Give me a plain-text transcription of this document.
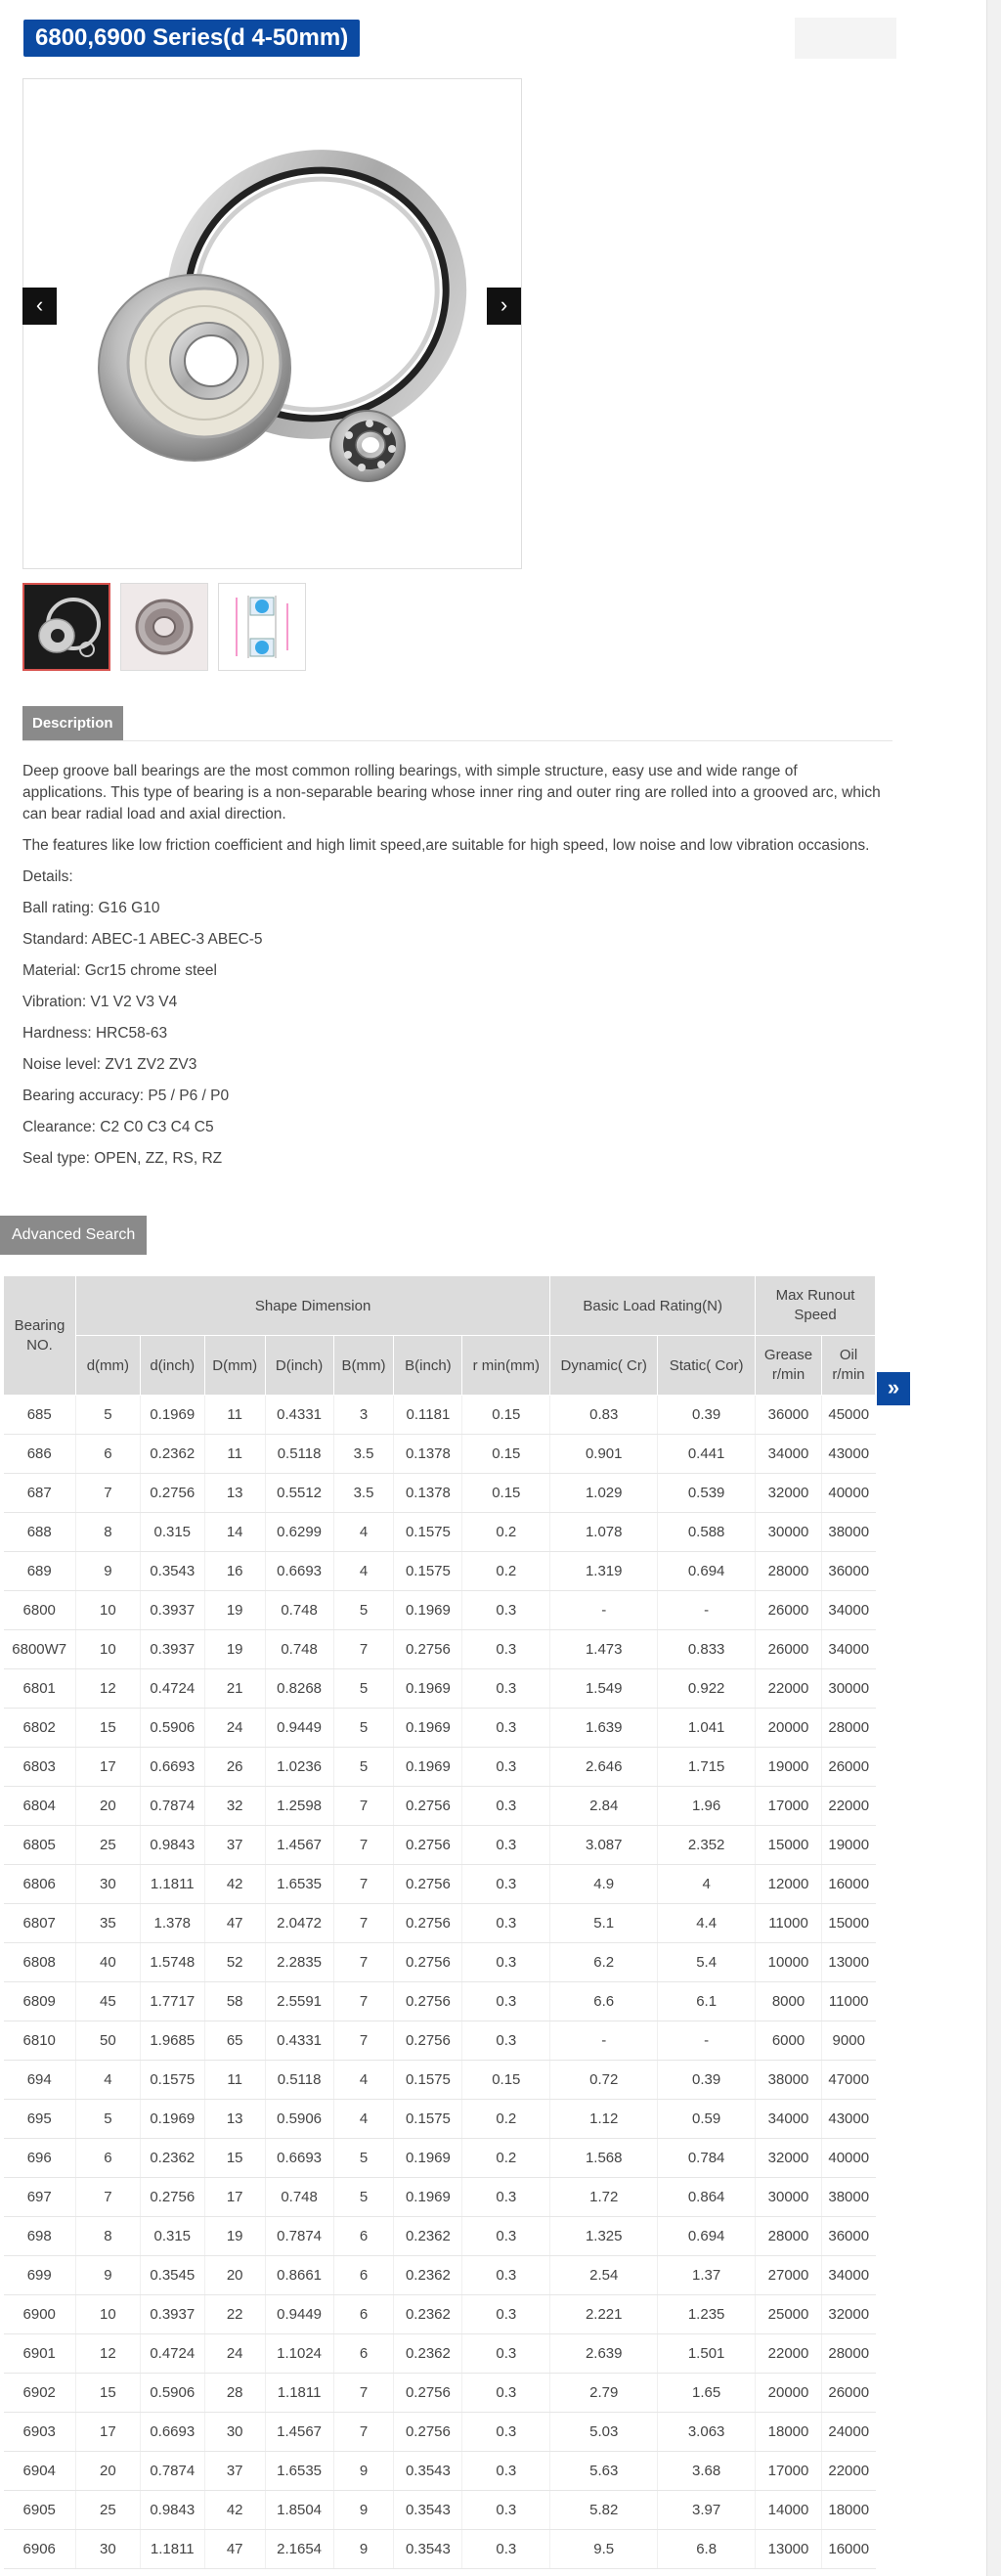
6800,6900 Series(d 4-50mm)
‹	›
Description

Deep groove ball bearings are the most common rolling bearings, with simple structure, easy use and wide range of applications. This type of bearing is a non-separable bearing whose inner ring and outer ring are rolled into a grooved arc, which can bear radial load and axial direction.

The features like low friction coefficient and high limit speed,are suitable for high speed, low noise and low vibration occasions.

Details:

Ball rating: G16 G10

Standard: ABEC-1 ABEC-3 ABEC-5

Material: Gcr15 chrome steel

Vibration: V1 V2 V3 V4

Hardness: HRC58-63

Noise level: ZV1 ZV2 ZV3

Bearing accuracy: P5 / P6 / P0

Clearance: C2 C0 C3 C4 C5

Seal type: OPEN, ZZ, RS, RZ

Advanced Search
Bearing NO.	Shape Dimension							Basic Load Rating(N)		Max Runout Speed	
	d(mm)	d(inch)	D(mm)	D(inch)	B(mm)	B(inch)	r min(mm)	Dynamic( Cr)	Static( Cor)	Grease r/min	Oil r/min
685	5	0.1969	11	0.4331	3	0.1181	0.15	0.83	0.39	36000	45000
686	6	0.2362	11	0.5118	3.5	0.1378	0.15	0.901	0.441	34000	43000
687	7	0.2756	13	0.5512	3.5	0.1378	0.15	1.029	0.539	32000	40000
688	8	0.315	14	0.6299	4	0.1575	0.2	1.078	0.588	30000	38000
689	9	0.3543	16	0.6693	4	0.1575	0.2	1.319	0.694	28000	36000
6800	10	0.3937	19	0.748	5	0.1969	0.3	-	-	26000	34000
6800W7	10	0.3937	19	0.748	7	0.2756	0.3	1.473	0.833	26000	34000
6801	12	0.4724	21	0.8268	5	0.1969	0.3	1.549	0.922	22000	30000
6802	15	0.5906	24	0.9449	5	0.1969	0.3	1.639	1.041	20000	28000
6803	17	0.6693	26	1.0236	5	0.1969	0.3	2.646	1.715	19000	26000
6804	20	0.7874	32	1.2598	7	0.2756	0.3	2.84	1.96	17000	22000
6805	25	0.9843	37	1.4567	7	0.2756	0.3	3.087	2.352	15000	19000
6806	30	1.1811	42	1.6535	7	0.2756	0.3	4.9	4	12000	16000
6807	35	1.378	47	2.0472	7	0.2756	0.3	5.1	4.4	11000	15000
6808	40	1.5748	52	2.2835	7	0.2756	0.3	6.2	5.4	10000	13000
6809	45	1.7717	58	2.5591	7	0.2756	0.3	6.6	6.1	8000	11000
6810	50	1.9685	65	0.4331	7	0.2756	0.3	-	-	6000	9000
694	4	0.1575	11	0.5118	4	0.1575	0.15	0.72	0.39	38000	47000
695	5	0.1969	13	0.5906	4	0.1575	0.2	1.12	0.59	34000	43000
696	6	0.2362	15	0.6693	5	0.1969	0.2	1.568	0.784	32000	40000
697	7	0.2756	17	0.748	5	0.1969	0.3	1.72	0.864	30000	38000
698	8	0.315	19	0.7874	6	0.2362	0.3	1.325	0.694	28000	36000
699	9	0.3545	20	0.8661	6	0.2362	0.3	2.54	1.37	27000	34000
6900	10	0.3937	22	0.9449	6	0.2362	0.3	2.221	1.235	25000	32000
6901	12	0.4724	24	1.1024	6	0.2362	0.3	2.639	1.501	22000	28000
6902	15	0.5906	28	1.1811	7	0.2756	0.3	2.79	1.65	20000	26000
6903	17	0.6693	30	1.4567	7	0.2756	0.3	5.03	3.063	18000	24000
6904	20	0.7874	37	1.6535	9	0.3543	0.3	5.63	3.68	17000	22000
6905	25	0.9843	42	1.8504	9	0.3543	0.3	5.82	3.97	14000	18000
6906	30	1.1811	47	2.1654	9	0.3543	0.3	9.5	6.8	13000	16000
»
